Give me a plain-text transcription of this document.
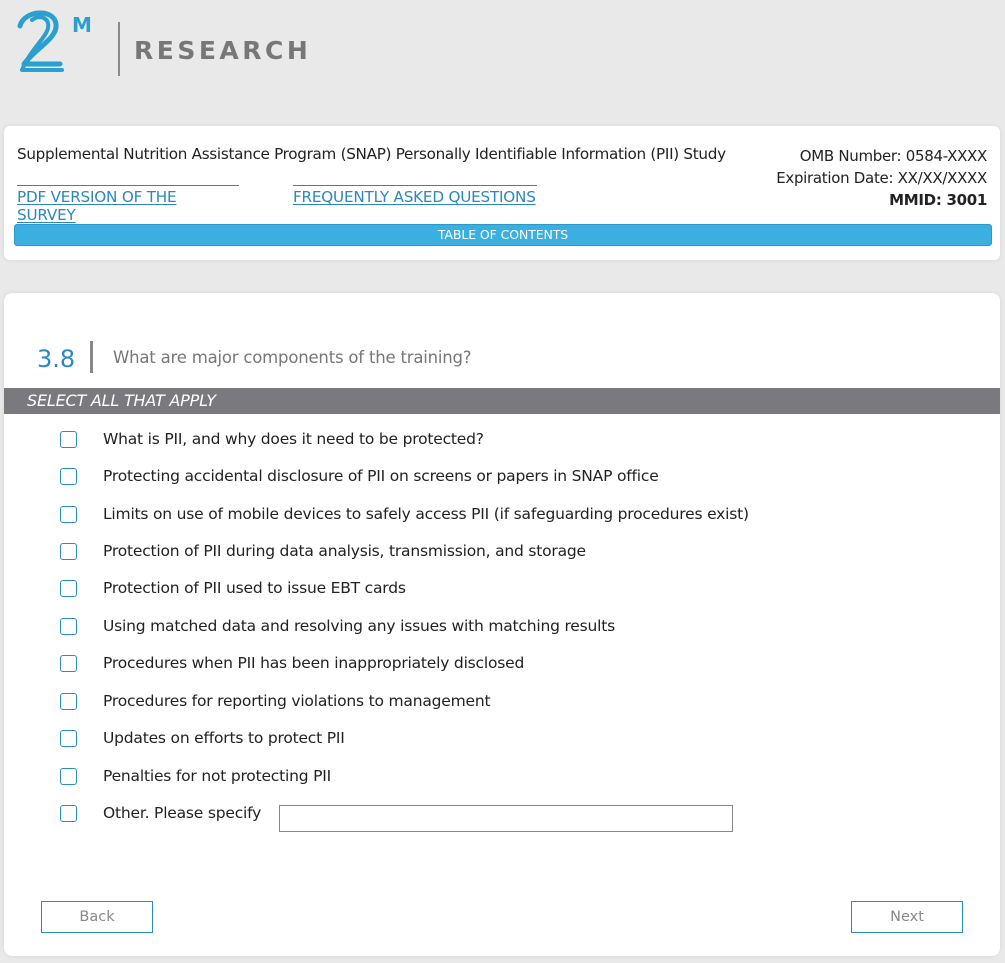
M
RESEARCH
Supplemental Nutrition Assistance Program (SNAP) Personally Identifiable Information (PII) Study	OMB Number: 0584-XXXX
Expiration Date: XX/XX/XXXX
MMID: 3001
PDF VERSION OF THE SURVEY
FREQUENTLY ASKED QUESTIONS
TABLE OF CONTENTS
3.8 What are major components of the training?
SELECT ALL THAT APPLY
What is PII, and why does it need to be protected?
Protecting accidental disclosure of PII on screens or papers in SNAP office
Limits on use of mobile devices to safely access PII (if safeguarding procedures exist)
Protection of PII during data analysis, transmission, and storage
Protection of PII used to issue EBT cards
Using matched data and resolving any issues with matching results
Procedures when PII has been inappropriately disclosed
Procedures for reporting violations to management
Updates on efforts to protect PII
Penalties for not protecting PII
Other. Please specify
Back	Next
